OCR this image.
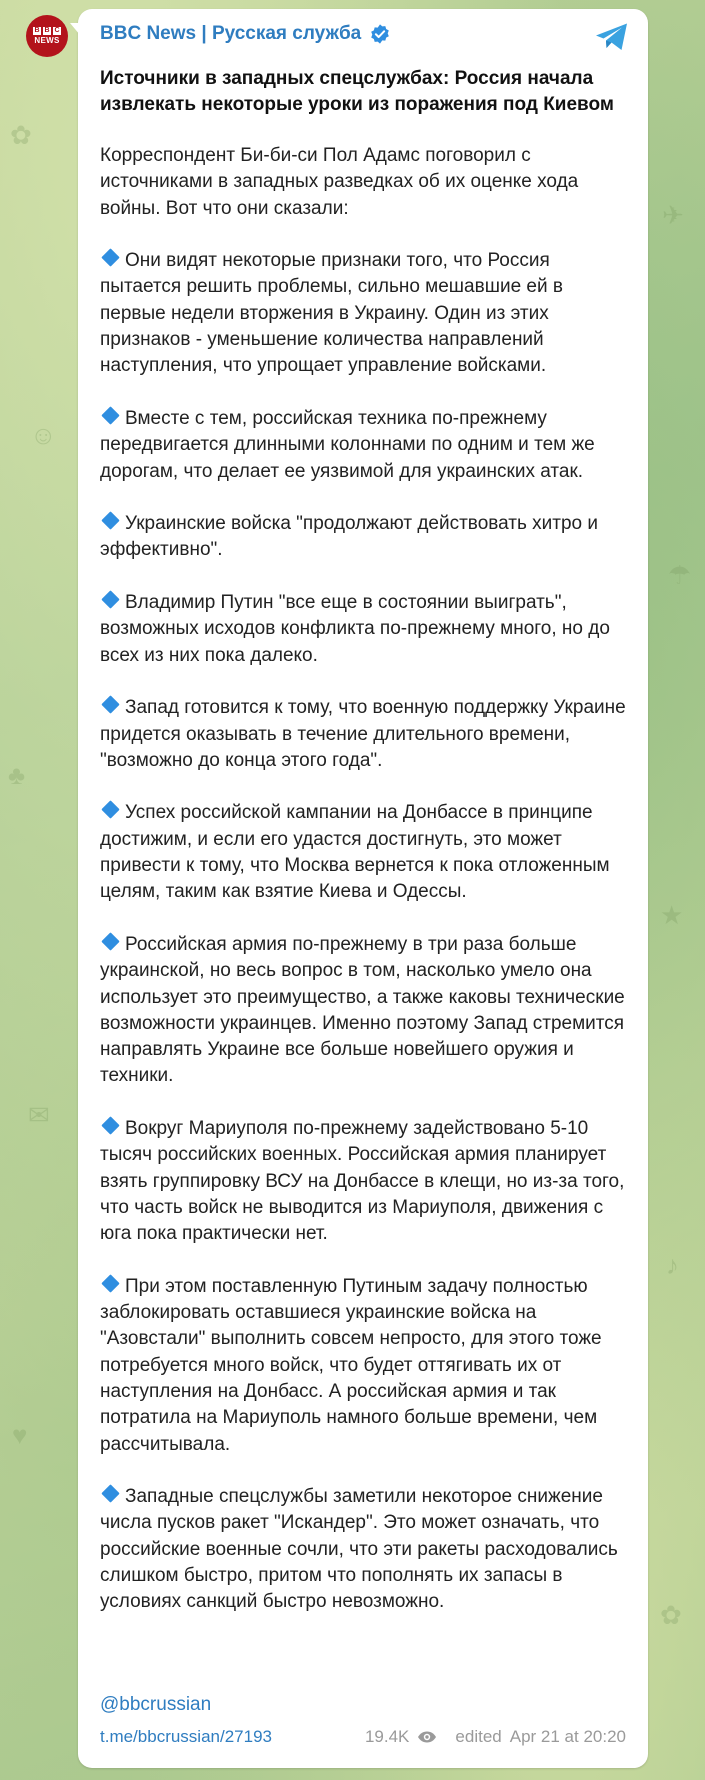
✿
☺
♣
✉
♥
✈
☂
★
♪
✿
B B C
NEWS BBC News | Русская служба
Источники в западных спецслужбах: Россия начала извлекать некоторые уроки из поражения под Киевом

Корреспондент Би-би-си Пол Адамс поговорил с источниками в западных разведках об их оценке хода войны. Вот что они сказали:

Они видят некоторые признаки того, что Россия пытается решить проблемы, сильно мешавшие ей в первые недели вторжения в Украину. Один из этих признаков - уменьшение количества направлений наступления, что упрощает управление войсками.

Вместе с тем, российская техника по-прежнему передвигается длинными колоннами по одним и тем же дорогам, что делает ее уязвимой для украинских атак.

Украинские войска "продолжают действовать хитро и эффективно".

Владимир Путин "все еще в состоянии выиграть", возможных исходов конфликта по-прежнему много, но до всех из них пока далеко.

Запад готовится к тому, что военную поддержку Украине придется оказывать в течение длительного времени, "возможно до конца этого года".

Успех российской кампании на Донбассе в принципе достижим, и если его удастся достигнуть, это может привести к тому, что Москва вернется к пока отложенным целям, таким как взятие Киева и Одессы.

Российская армия по-прежнему в три раза больше украинской, но весь вопрос в том, насколько умело она использует это преимущество, а также каковы технические возможности украинцев. Именно поэтому Запад стремится направлять Украине все больше новейшего оружия и техники.

Вокруг Мариуполя по-прежнему задействовано 5-10 тысяч российских военных. Российская армия планирует взять группировку ВСУ на Донбассе в клещи, но из-за того, что часть войск не выводится из Мариуполя, движения с юга пока практически нет.

При этом поставленную Путиным задачу полностью заблокировать оставшиеся украинские войска на "Азовстали" выполнить совсем непросто, для этого тоже потребуется много войск, что будет оттягивать их от наступления на Донбасс. А российская армия и так потратила на Мариуполь намного больше времени, чем рассчитывала.

Западные спецслужбы заметили некоторое снижение числа пусков ракет "Искандер". Это может означать, что российские военные сочли, что эти ракеты расходовались слишком быстро, притом что пополнять их запасы в условиях санкций быстро невозможно.

@bbcrussian
t.me/bbcrussian/27193	19.4K	edited Apr 21 at 20:20
